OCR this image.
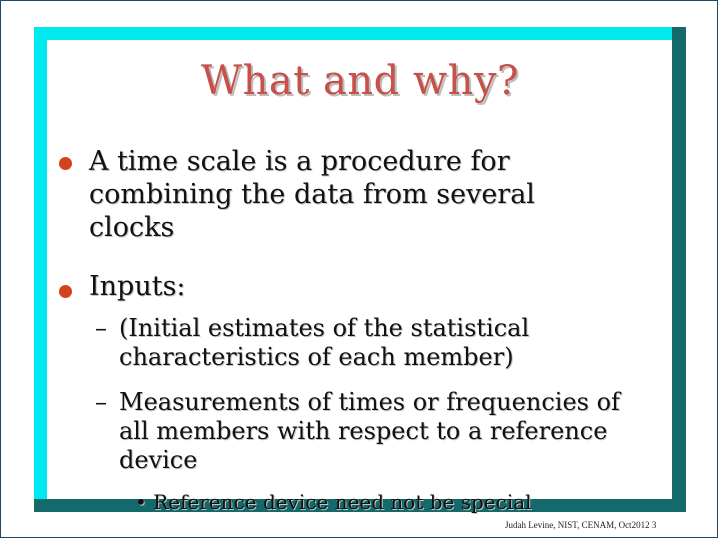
What and why?
A time scale is a procedure for
combining the data from several
clocks
Inputs:
– (Initial estimates of the statistical
characteristics of each member)
– Measurements of times or frequencies of
all members with respect to a reference
device
• Reference device need not be special
Judah Levine, NIST, CENAM, Oct2012 3
